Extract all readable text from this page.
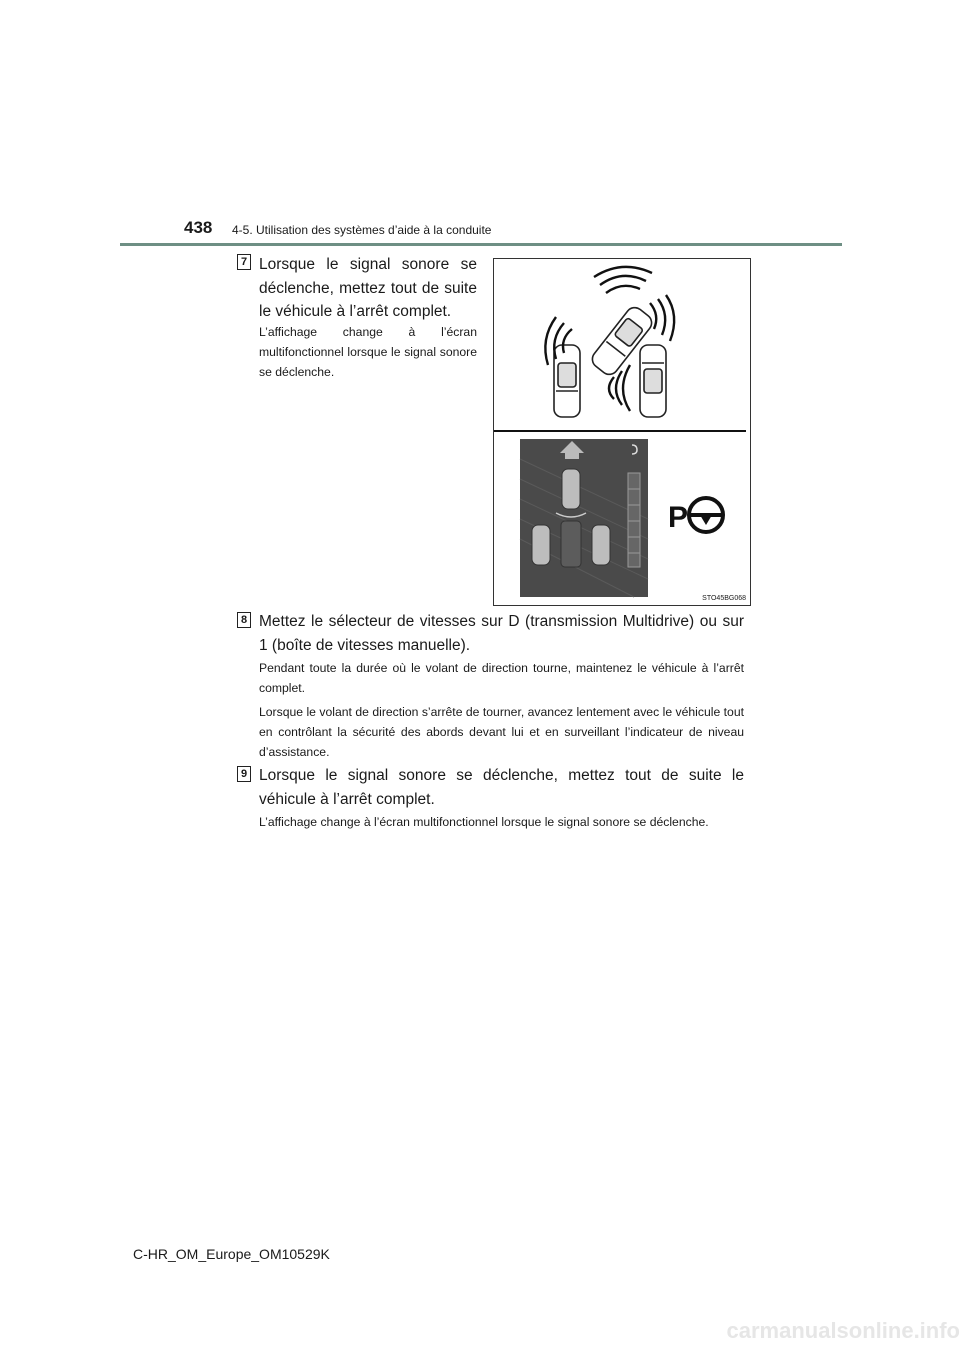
438 4-5. Utilisation des systèmes d’aide à la conduite
7 Lorsque le signal sonore se déclenche, mettez tout de suite le véhicule à l’arrêt complet.
L’affichage change à l’écran multifonctionnel lorsque le signal sonore se déclenche.
P
STO45BG068
8 Mettez le sélecteur de vitesses sur D (transmission Multidrive) ou sur 1 (boîte de vitesses manuelle).
Pendant toute la durée où le volant de direction tourne, maintenez le véhicule à l’arrêt complet.
Lorsque le volant de direction s’arrête de tourner, avancez lentement avec le véhicule tout en contrôlant la sécurité des abords devant lui et en surveillant l’indicateur de niveau d’assistance.
9 Lorsque le signal sonore se déclenche, mettez tout de suite le véhicule à l’arrêt complet.
L’affichage change à l’écran multifonctionnel lorsque le signal sonore se déclenche.
C-HR_OM_Europe_OM10529K
carmanualsonline.info
